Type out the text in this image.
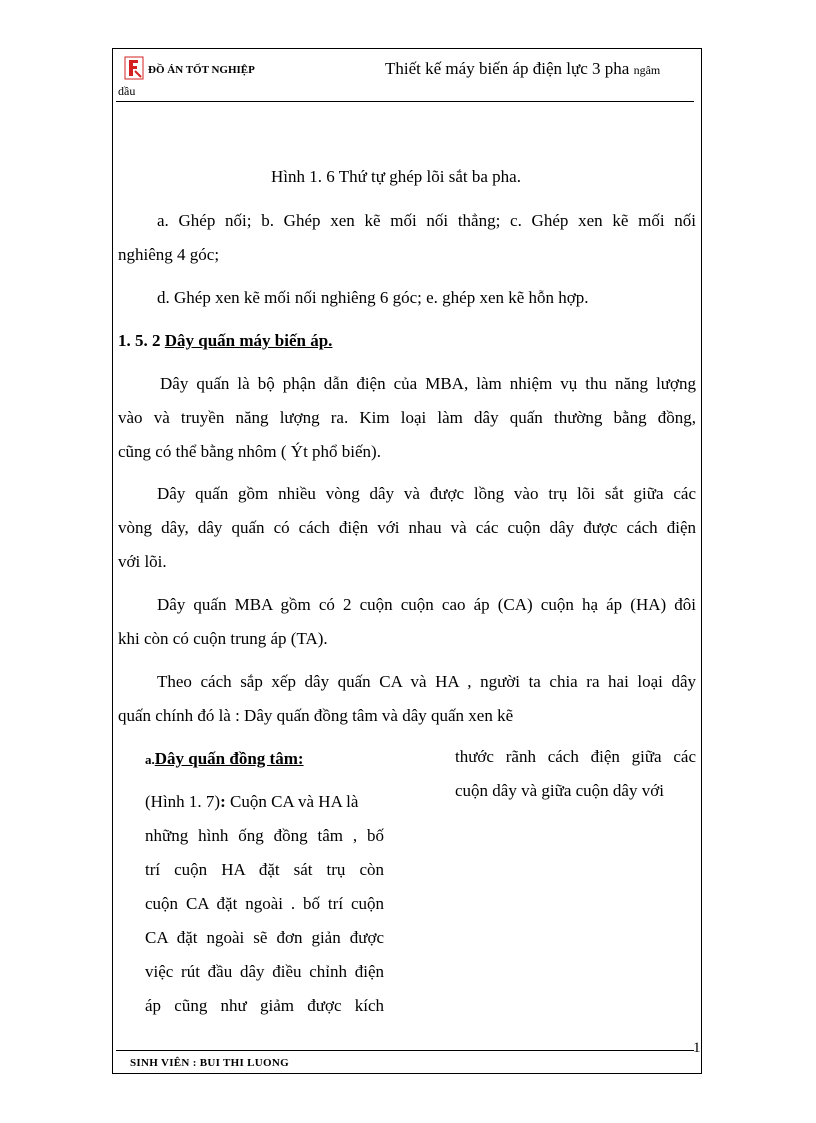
ĐỒ ÁN TỐT NGHIỆP	Thiết kế máy biến áp điện lực 3 pha ngâm
dầu
Hình 1. 6 Thứ tự ghép lõi sắt ba pha.
a. Ghép nối; b. Ghép xen kẽ mối nối thẳng; c. Ghép xen kẽ mối nối
nghiêng 4 góc;
d. Ghép xen kẽ mối nối nghiêng 6 góc; e. ghép xen kẽ hỗn hợp.
1. 5. 2 Dây quấn máy biến áp.
Dây quấn là bộ phận dẫn điện của MBA, làm nhiệm vụ thu năng lượng
vào và truyền năng lượng ra. Kim loại làm dây quấn thường bằng đồng,
cũng có thể bằng nhôm ( Ýt phổ biến).
Dây quấn gồm nhiều vòng dây và được lồng vào trụ lõi sắt giữa các
vòng dây, dây quấn có cách điện với nhau và các cuộn dây được cách điện
với lõi.
Dây quấn MBA gồm có 2 cuộn cuộn cao áp (CA) cuộn hạ áp (HA) đôi
khi còn có cuộn trung áp (TA).
Theo cách sắp xếp dây quấn CA và HA , người ta chia ra hai loại dây
quấn chính đó là : Dây quấn đồng tâm và dây quấn xen kẽ
a.Dây quấn đồng tâm:
(Hình 1. 7): Cuộn CA và HA là
những hình ống đồng tâm , bố
trí cuộn HA đặt sát trụ còn
cuộn CA đặt ngoài . bố trí cuộn
CA đặt ngoài sẽ đơn giản được
việc rút đầu dây điều chỉnh điện
áp cũng như giảm được kích
thước rãnh cách điện giữa các
cuộn dây và giữa cuộn dây với
1
SINH VIÊN : BUI THI LUONG
